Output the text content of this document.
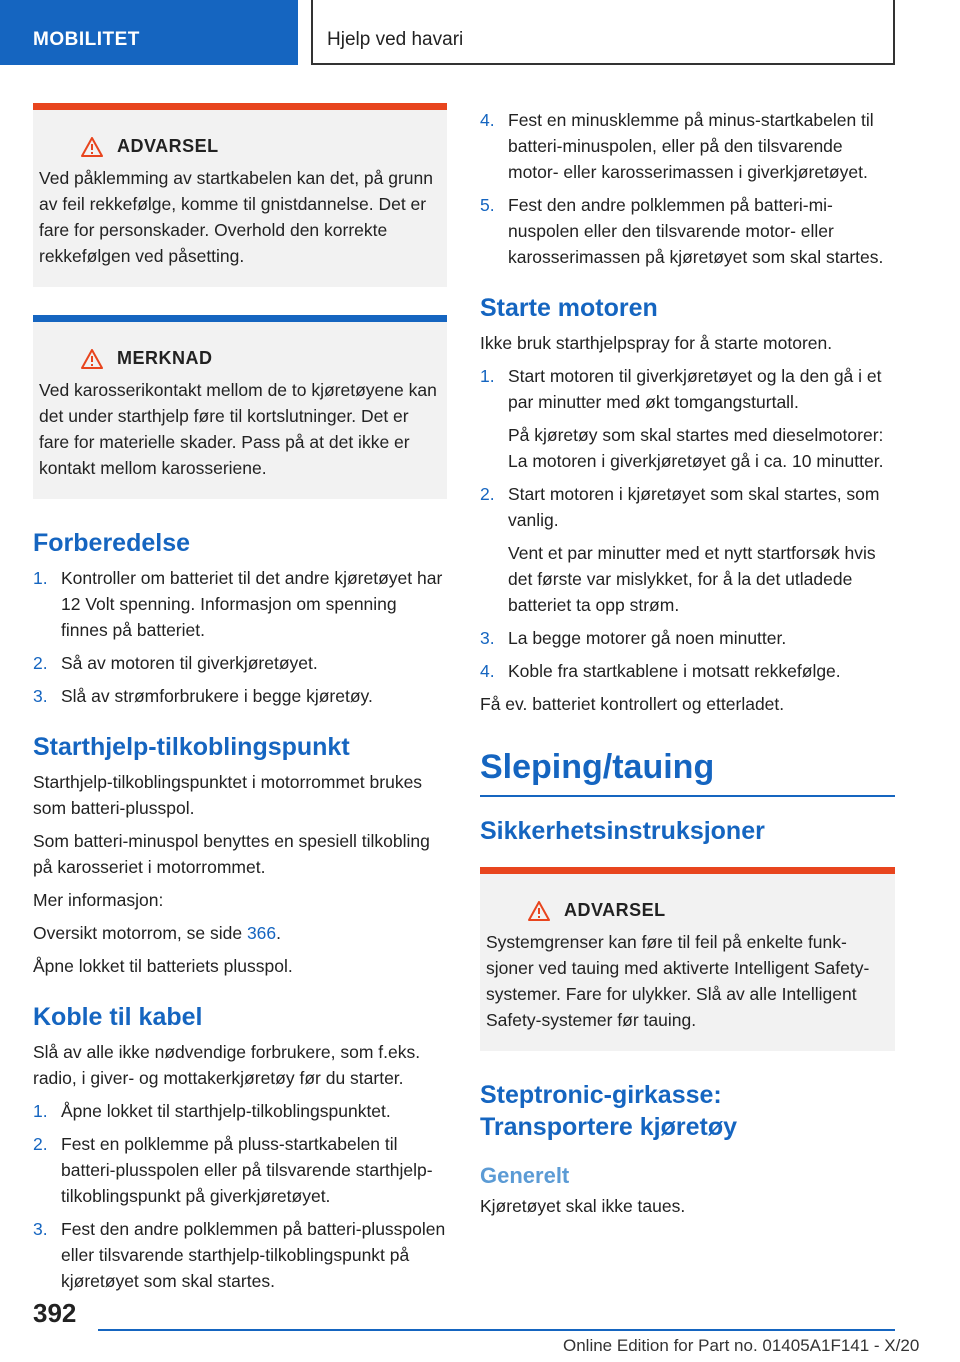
MOBILITET	Hjelp ved havari
ADVARSEL

Ved påklemming av startkabelen kan det, på grunn av feil rekkefølge, komme til gnistdannelse. Det er fare for personskader. Overhold den korrekte rekkefølgen ved påsetting.

MERKNAD

Ved karosserikontakt mellom de to kjøretøyene kan det under starthjelp føre til kortslutninger. Det er fare for materielle skader. Pass på at det ikke er kontakt mellom karosseriene.

Forberedelse
1. Kontroller om batteriet til det andre kjøretøyet har 12 Volt spenning. Informasjon om spenning finnes på batteriet.
2. Så av motoren til giverkjøretøyet.
3. Slå av strømforbrukere i begge kjøretøy.
Starthjelp-tilkoblingspunkt

Starthjelp-tilkoblingspunktet i motorrommet brukes som batteri-plusspol.

Som batteri-minuspol benyttes en spesiell tilkobling på karosseriet i motorrommet.

Mer informasjon:

Oversikt motorrom, se side 366.

Åpne lokket til batteriets plusspol.

Koble til kabel

Slå av alle ikke nødvendige forbrukere, som f.eks. radio, i giver- og mottakerkjøretøy før du starter.

1. Åpne lokket til starthjelp-tilkoblingspunktet.
2. Fest en polklemme på pluss-startkabelen til batteri-plusspolen eller på tilsvarende starthjelp-tilkoblingspunkt på giverkjøretøyet.
3. Fest den andre polklemmen på batteri-plusspolen eller tilsvarende starthjelp-tilkoblingspunkt på kjøretøyet som skal startes.
4. Fest en minusklemme på minus-startkabelen til batteri-minuspolen, eller på den tilsvarende motor- eller karosserimassen i giverkjøretøyet.
5. Fest den andre polklemmen på batteri-minuspolen eller den tilsvarende motor- eller karosserimassen på kjøretøyet som skal startes.
Starte motoren

Ikke bruk starthjelpspray for å starte motoren.

1. Start motoren til giverkjøretøyet og la den gå i et par minutter med økt tomgangsturtall.

På kjøretøy som skal startes med dieselmotorer: La motoren i giverkjøretøyet gå i ca. 10 minutter.

2. Start motoren i kjøretøyet som skal startes, som vanlig.

Vent et par minutter med et nytt startforsøk hvis det første var mislykket, for å la det utladede batteriet ta opp strøm.

3. La begge motorer gå noen minutter.
4. Koble fra startkablene i motsatt rekkefølge.

Få ev. batteriet kontrollert og etterladet.

Sleping/tauing
Sikkerhetsinstruksjoner
ADVARSEL

Systemgrenser kan føre til feil på enkelte funksjoner ved tauing med aktiverte Intelligent Safety-systemer. Fare for ulykker. Slå av alle Intelligent Safety-systemer før tauing.

Steptronic-girkasse:
Transportere kjøretøy
Generelt

Kjøretøyet skal ikke taues.

392
Online Edition for Part no. 01405A1F141 - X/20
